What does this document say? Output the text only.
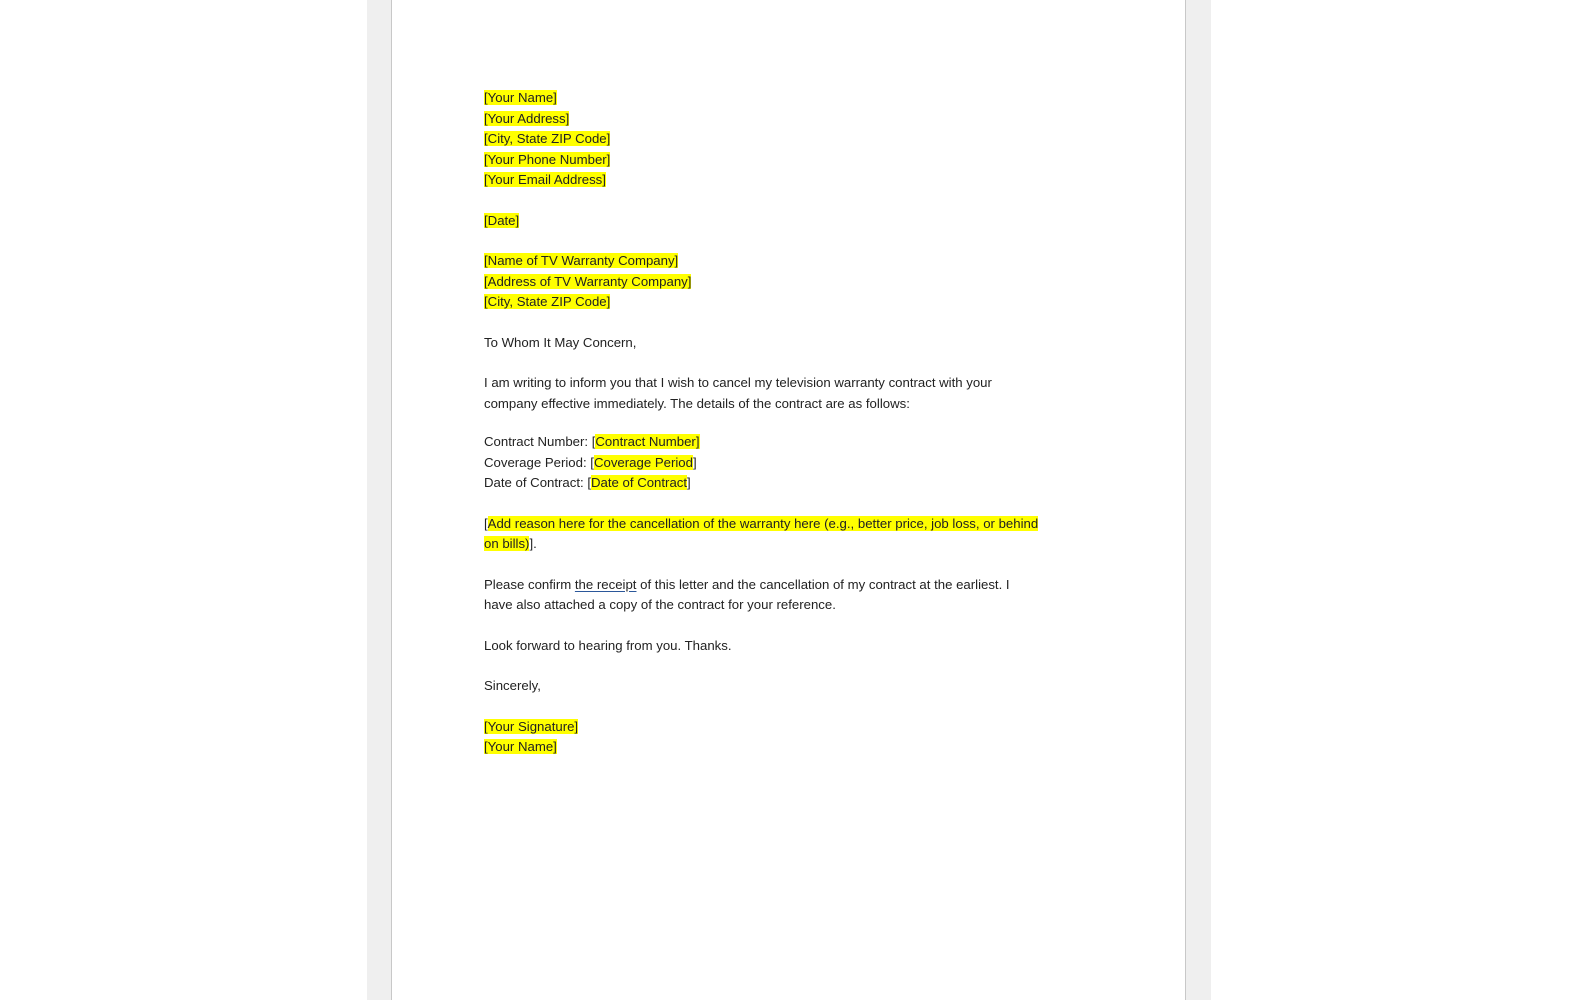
[Your Name]
[Your Address]
[City, State ZIP Code]
[Your Phone Number]
[Your Email Address]
[Date]
[Name of TV Warranty Company]
[Address of TV Warranty Company]
[City, State ZIP Code]
To Whom It May Concern,
I am writing to inform you that I wish to cancel my television warranty contract with your
company effective immediately. The details of the contract are as follows:
Contract Number: [Contract Number]
Coverage Period: [Coverage Period]
Date of Contract: [Date of Contract]
[Add reason here for the cancellation of the warranty here (e.g., better price, job loss, or behind
on bills)].
Please confirm the receipt of this letter and the cancellation of my contract at the earliest. I
have also attached a copy of the contract for your reference.
Look forward to hearing from you. Thanks.
Sincerely,
[Your Signature]
[Your Name]
